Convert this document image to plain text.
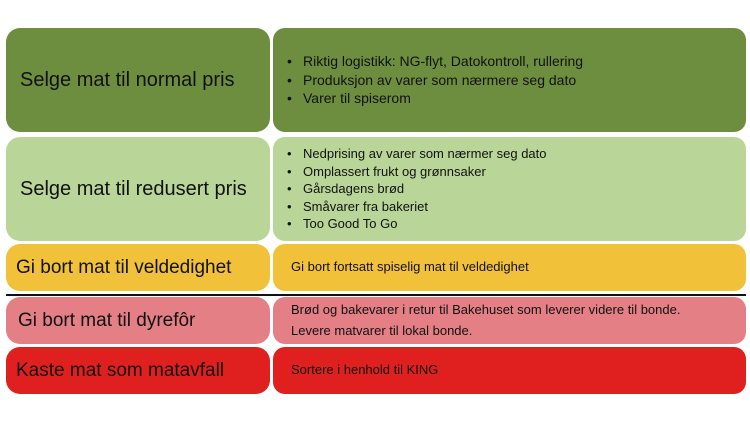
Selge mat til normal pris
• Riktig logistikk: NG-flyt, Datokontroll, rullering
• Produksjon av varer som nærmere seg dato
• Varer til spiserom
Selge mat til redusert pris
• Nedprising av varer som nærmer seg dato
• Omplassert frukt og grønnsaker
• Gårsdagens brød
• Småvarer fra bakeriet
• Too Good To Go
Gi bort mat til veldedighet	Gi bort fortsatt spiselig mat til veldedighet
Gi bort mat til dyrefôr	Brød og bakevarer i retur til Bakehuset som leverer videre til bonde.
Levere matvarer til lokal bonde.
Kaste mat som matavfall	Sortere i henhold til KING
